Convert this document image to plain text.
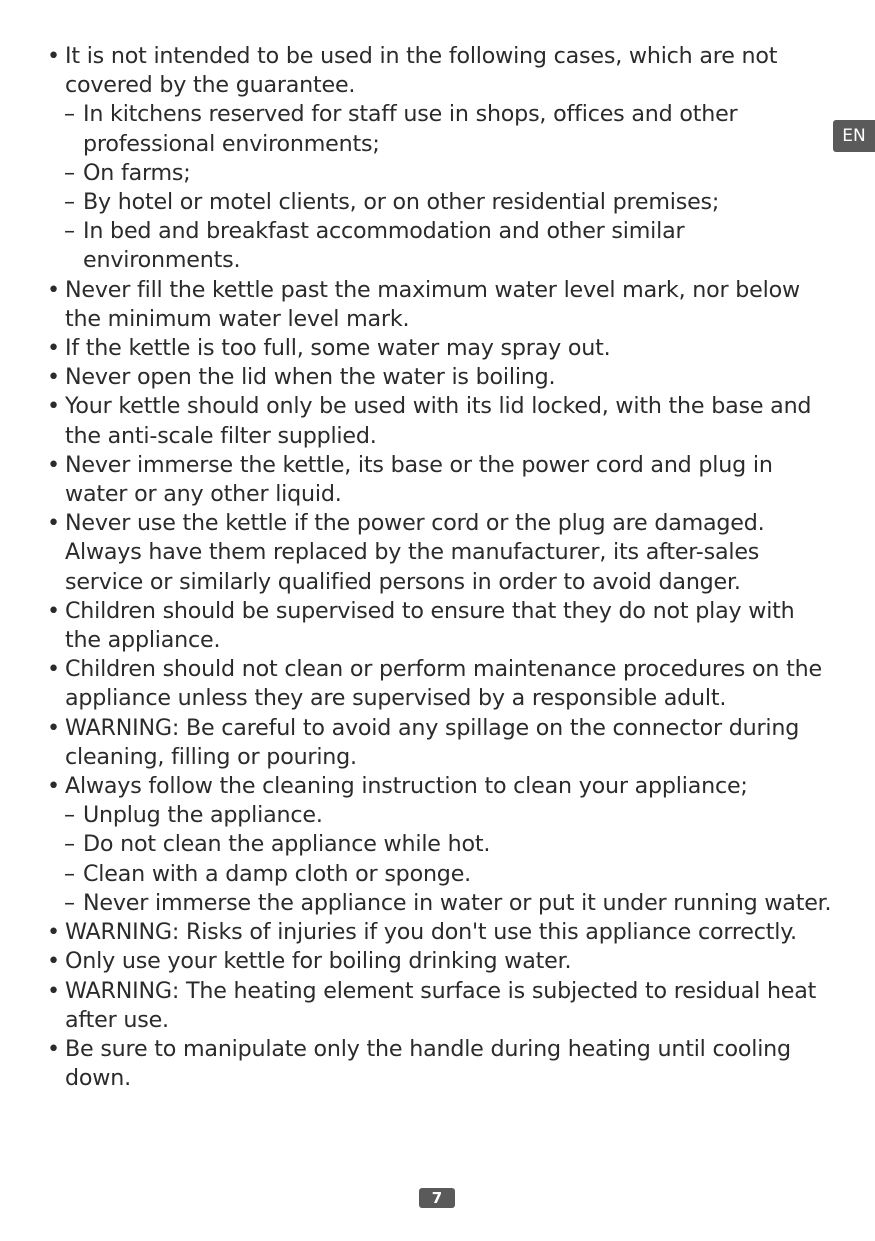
• It is not intended to be used in the following cases, which are not covered by the guarantee.
– In kitchens reserved for staff use in shops, offices and other professional environments;
– On farms;
– By hotel or motel clients, or on other residential premises;
– In bed and breakfast accommodation and other similar environments.
• Never fill the kettle past the maximum water level mark, nor below the minimum water level mark.
• If the kettle is too full, some water may spray out.
• Never open the lid when the water is boiling.
• Your kettle should only be used with its lid locked, with the base and the anti-scale filter supplied.
• Never immerse the kettle, its base or the power cord and plug in water or any other liquid.
• Never use the kettle if the power cord or the plug are damaged. Always have them replaced by the manufacturer, its after-sales service or similarly qualified persons in order to avoid danger.
• Children should be supervised to ensure that they do not play with the appliance.
• Children should not clean or perform maintenance procedures on the appliance unless they are supervised by a responsible adult.
• WARNING: Be careful to avoid any spillage on the connector during cleaning, filling or pouring.
• Always follow the cleaning instruction to clean your appliance;
– Unplug the appliance.
– Do not clean the appliance while hot.
– Clean with a damp cloth or sponge.
– Never immerse the appliance in water or put it under running water.
• WARNING: Risks of injuries if you don't use this appliance correctly.
• Only use your kettle for boiling drinking water.
• WARNING: The heating element surface is subjected to residual heat after use.
• Be sure to manipulate only the handle during heating until cooling down.
EN
7
